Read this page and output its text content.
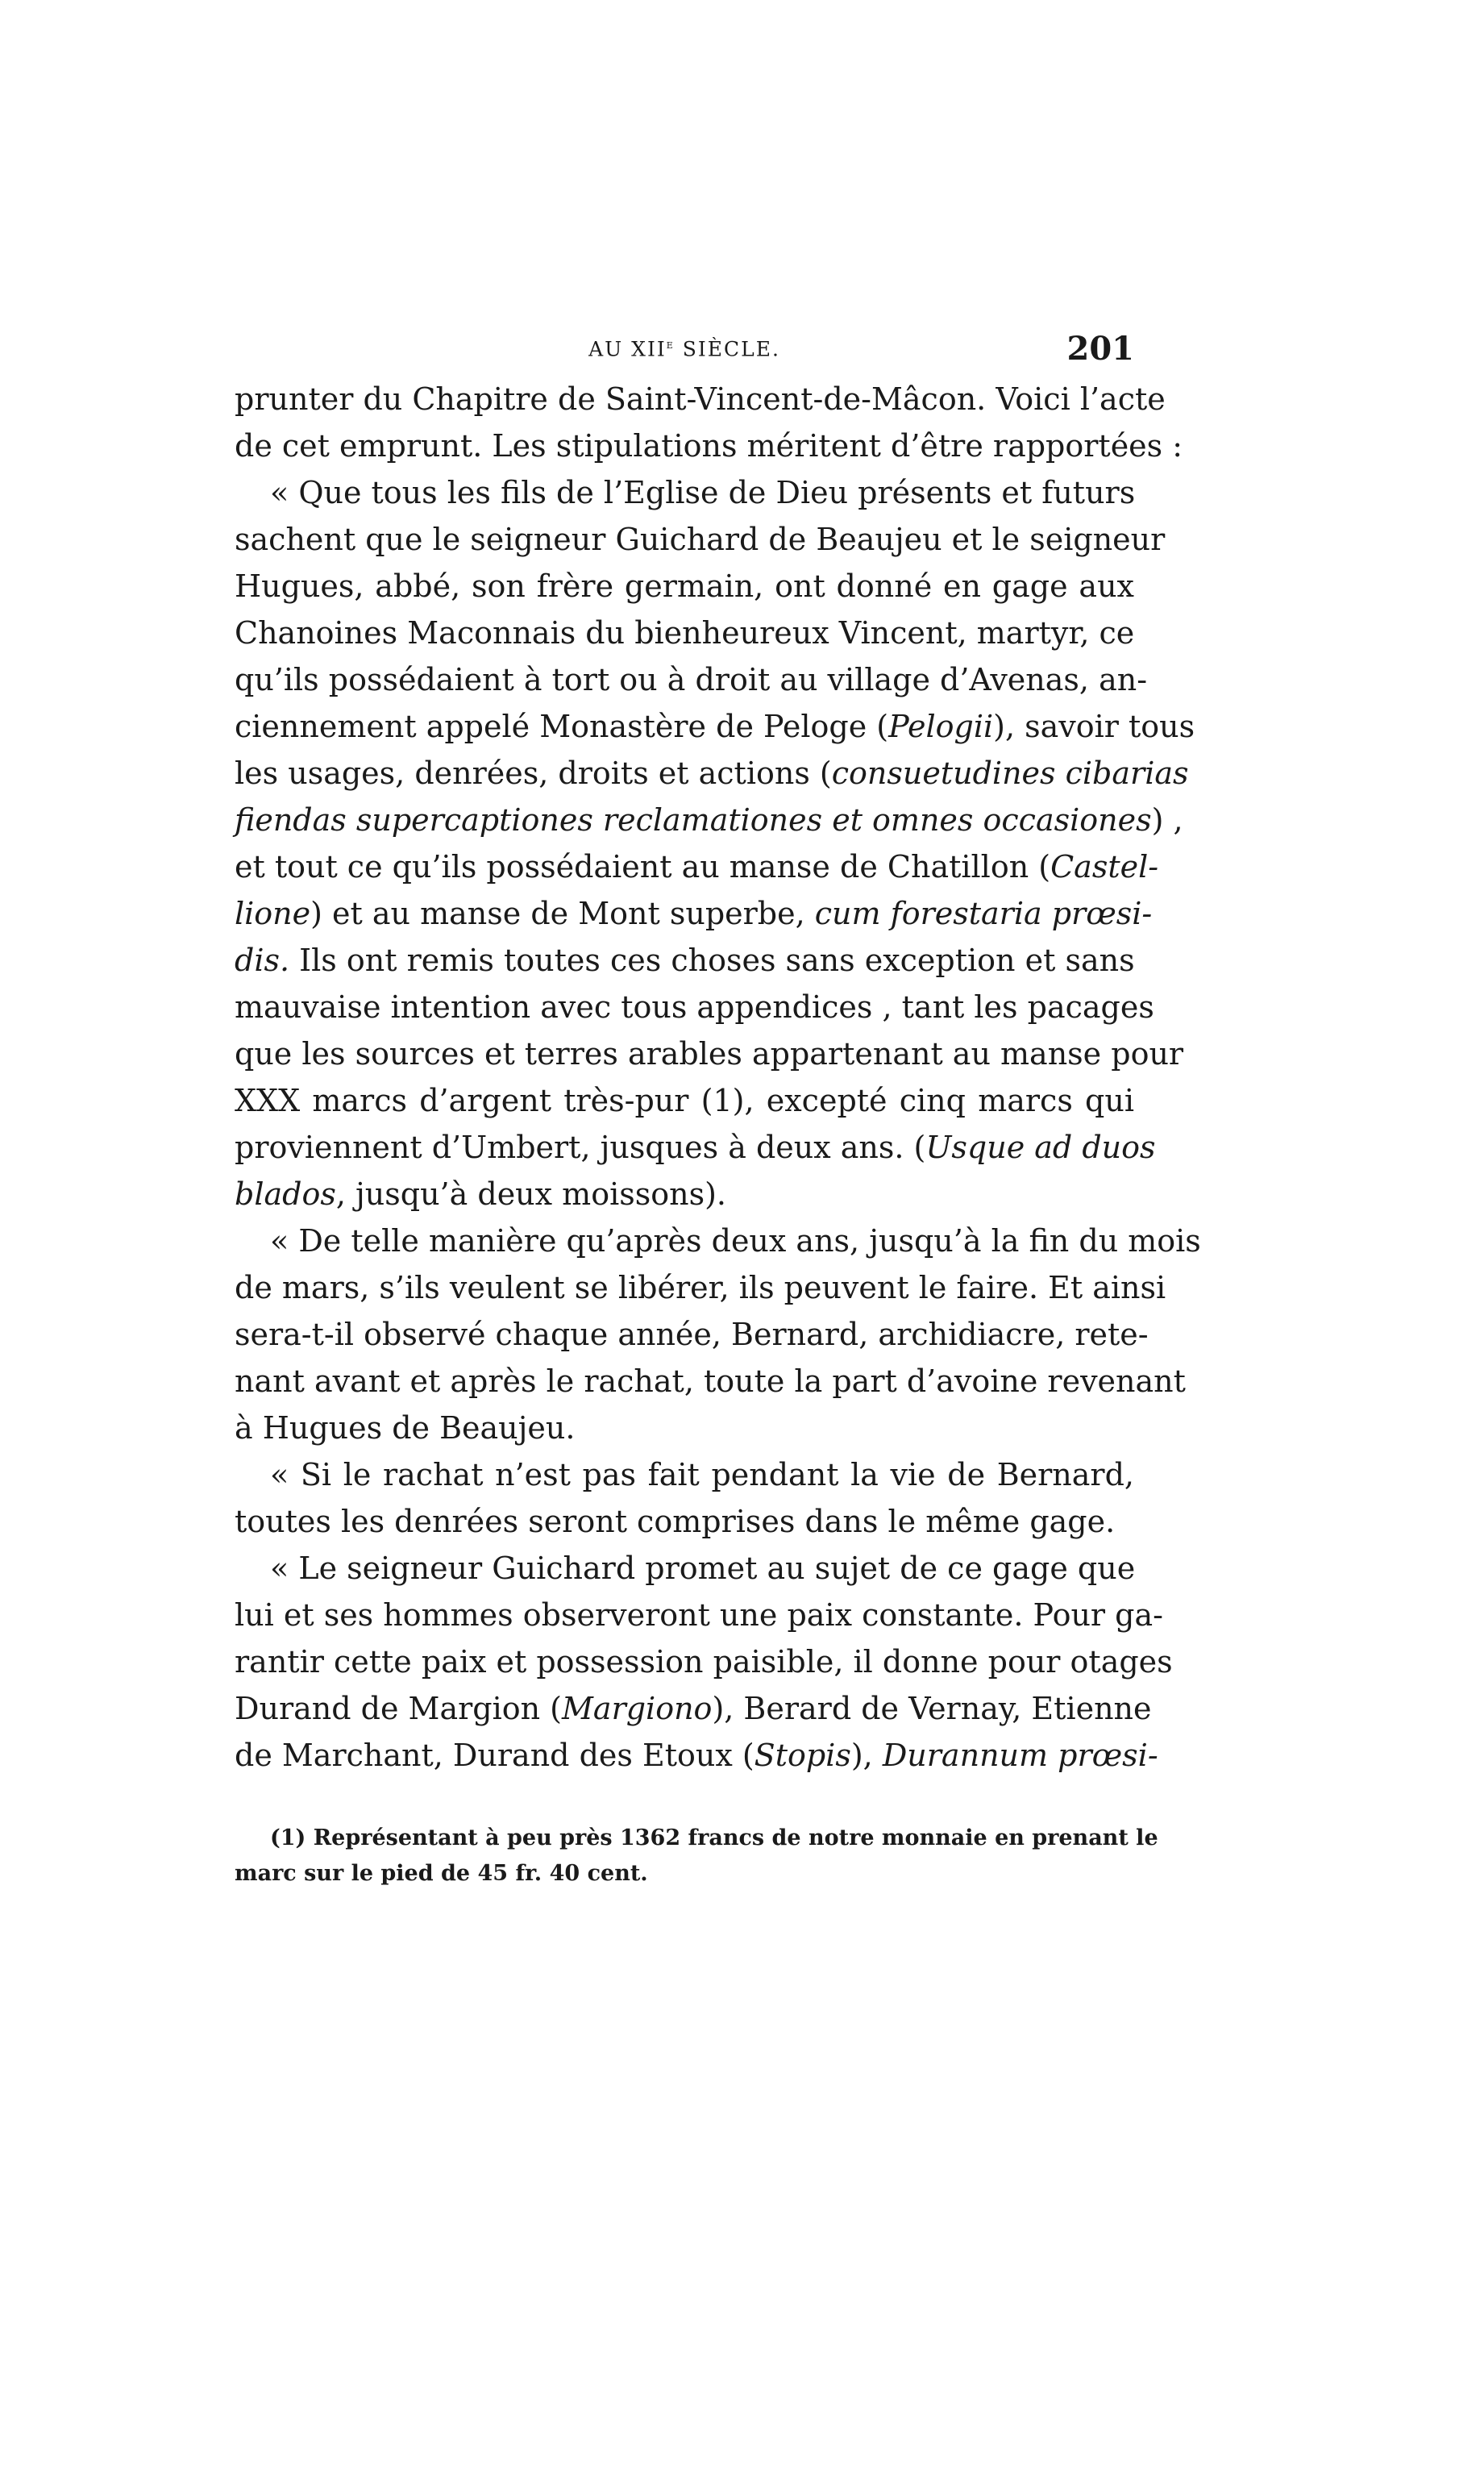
AU XIIe SIÈCLE.	201
prunter du Chapitre de Saint-Vincent-de-Mâcon. Voici l’acte
de cet emprunt. Les stipulations méritent d’être rapportées :
« Que tous les fils de l’Eglise de Dieu présents et futurs
sachent que le seigneur Guichard de Beaujeu et le seigneur
Hugues, abbé, son frère germain, ont donné en gage aux
Chanoines Maconnais du bienheureux Vincent, martyr, ce
qu’ils possédaient à tort ou à droit au village d’Avenas, an-
ciennement appelé Monastère de Peloge (Pelogii), savoir tous
les usages, denrées, droits et actions (consuetudines cibarias
fiendas supercaptiones reclamationes et omnes occasiones) ,
et tout ce qu’ils possédaient au manse de Chatillon (Castel-
lione) et au manse de Mont superbe, cum forestaria prœsi-
dis. Ils ont remis toutes ces choses sans exception et sans
mauvaise intention avec tous appendices , tant les pacages
que les sources et terres arables appartenant au manse pour
XXX marcs d’argent très-pur (1), excepté cinq marcs qui
proviennent d’Umbert, jusques à deux ans. (Usque ad duos
blados, jusqu’à deux moissons).
« De telle manière qu’après deux ans, jusqu’à la fin du mois
de mars, s’ils veulent se libérer, ils peuvent le faire. Et ainsi
sera-t-il observé chaque année, Bernard, archidiacre, rete-
nant avant et après le rachat, toute la part d’avoine revenant
à Hugues de Beaujeu.
« Si le rachat n’est pas fait pendant la vie de Bernard,
toutes les denrées seront comprises dans le même gage.
« Le seigneur Guichard promet au sujet de ce gage que
lui et ses hommes observeront une paix constante. Pour ga-
rantir cette paix et possession paisible, il donne pour otages
Durand de Margion (Margiono), Berard de Vernay, Etienne
de Marchant, Durand des Etoux (Stopis), Durannum prœsi-
(1) Représentant à peu près 1362 francs de notre monnaie en prenant le
marc sur le pied de 45 fr. 40 cent.
